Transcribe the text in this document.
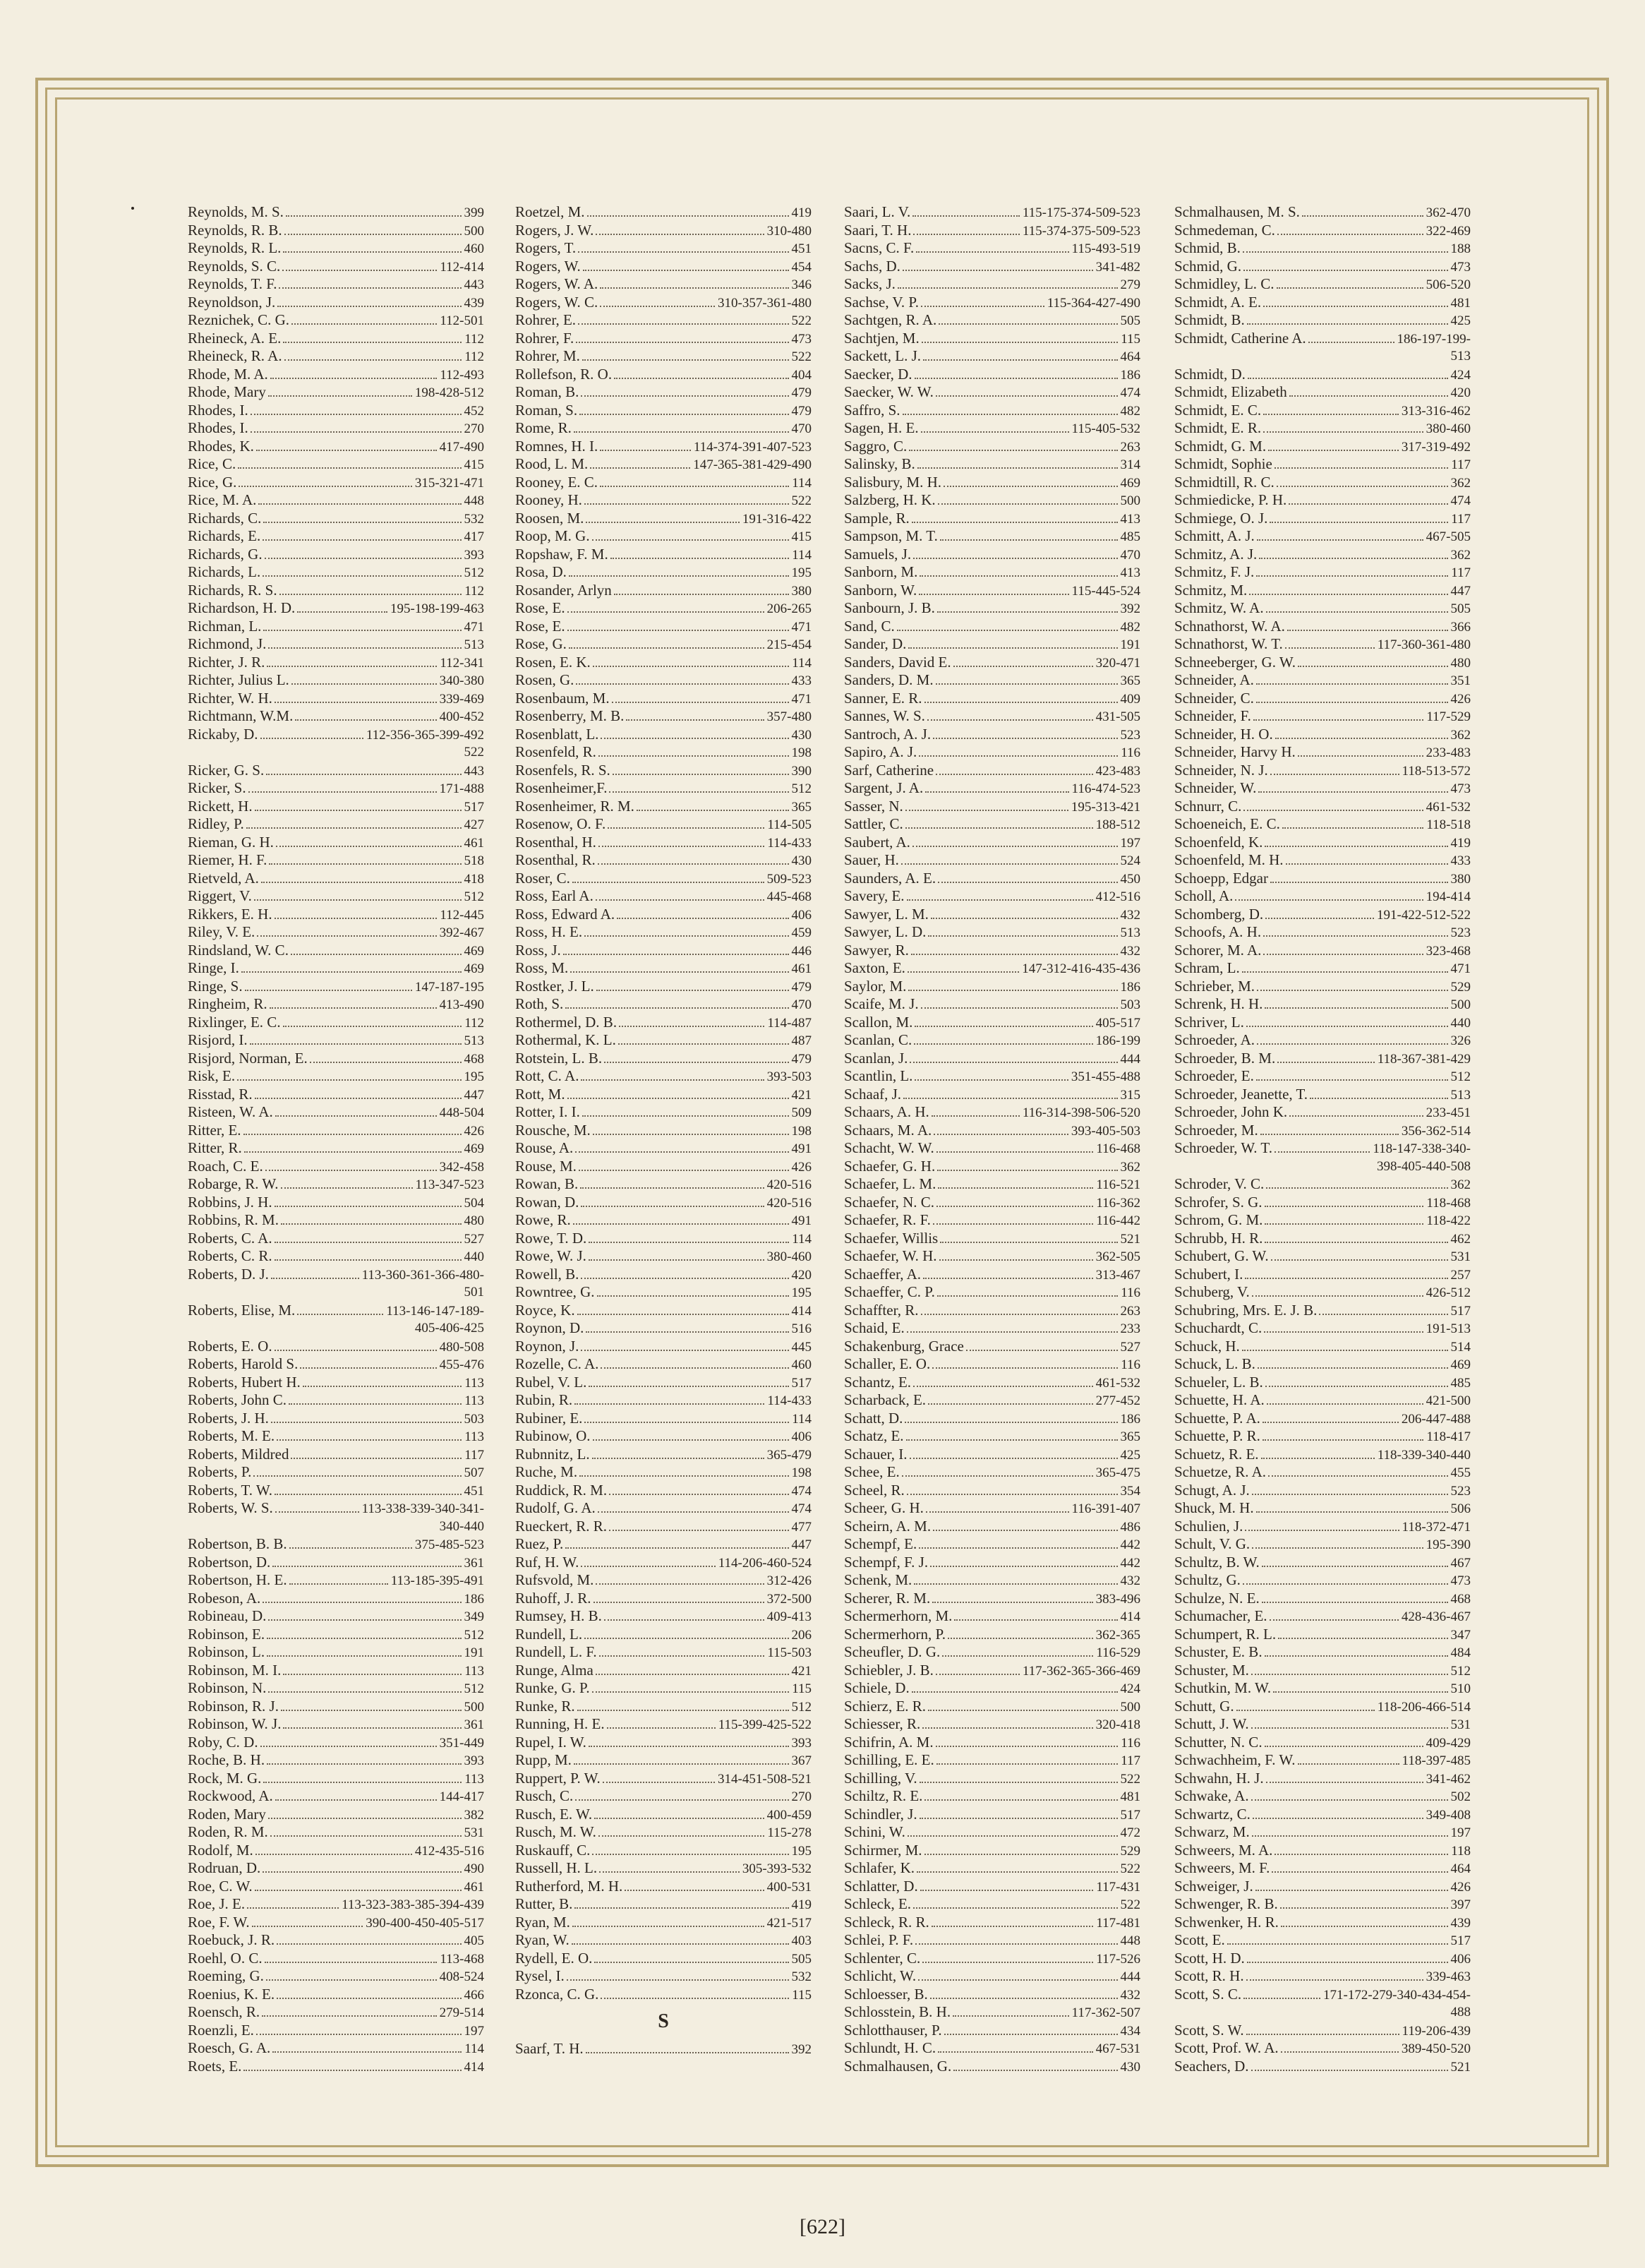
Reynolds, M. S.	399
Reynolds, R. B.	500
Reynolds, R. L.	460
Reynolds, S. C.	112-414
Reynolds, T. F.	443
Reynoldson, J.	439
Reznichek, C. G.	112-501
Rheineck, A. E.	112
Rheineck, R. A.	112
Rhode, M. A.	112-493
Rhode, Mary	198-428-512
Rhodes, I.	452
Rhodes, I.	270
Rhodes, K.	417-490
Rice, C.	415
Rice, G.	315-321-471
Rice, M. A.	448
Richards, C.	532
Richards, E.	417
Richards, G.	393
Richards, L.	512
Richards, R. S.	112
Richardson, H. D.	195-198-199-463
Richman, L.	471
Richmond, J.	513
Richter, J. R.	112-341
Richter, Julius L.	340-380
Richter, W. H.	339-469
Richtmann, W.M.	400-452
Rickaby, D.	112-356-365-399-492
522
Ricker, G. S.	443
Ricker, S.	171-488
Rickett, H.	517
Ridley, P.	427
Rieman, G. H.	461
Riemer, H. F.	518
Rietveld, A.	418
Riggert, V.	512
Rikkers, E. H.	112-445
Riley, V. E.	392-467
Rindsland, W. C.	469
Ringe, I.	469
Ringe, S.	147-187-195
Ringheim, R.	413-490
Rixlinger, E. C.	112
Risjord, I.	513
Risjord, Norman, E.	468
Risk, E.	195
Risstad, R.	447
Risteen, W. A.	448-504
Ritter, E.	426
Ritter, R.	469
Roach, C. E.	342-458
Robarge, R. W.	113-347-523
Robbins, J. H.	504
Robbins, R. M.	480
Roberts, C. A.	527
Roberts, C. R.	440
Roberts, D. J.	113-360-361-366-480-
501
Roberts, Elise, M.	113-146-147-189-
405-406-425
Roberts, E. O.	480-508
Roberts, Harold S.	455-476
Roberts, Hubert H.	113
Roberts, John C.	113
Roberts, J. H.	503
Roberts, M. E.	113
Roberts, Mildred	117
Roberts, P.	507
Roberts, T. W.	451
Roberts, W. S.	113-338-339-340-341-
340-440
Robertson, B. B.	375-485-523
Robertson, D.	361
Robertson, H. E.	113-185-395-491
Robeson, A.	186
Robineau, D.	349
Robinson, E.	512
Robinson, L.	191
Robinson, M. I.	113
Robinson, N.	512
Robinson, R. J.	500
Robinson, W. J.	361
Roby, C. D.	351-449
Roche, B. H.	393
Rock, M. G.	113
Rockwood, A.	144-417
Roden, Mary	382
Roden, R. M.	531
Rodolf, M.	412-435-516
Rodruan, D.	490
Roe, C. W.	461
Roe, J. E.	113-323-383-385-394-439
Roe, F. W.	390-400-450-405-517
Roebuck, J. R.	405
Roehl, O. C.	113-468
Roeming, G.	408-524
Roenius, K. E.	466
Roensch, R.	279-514
Roenzli, E.	197
Roesch, G. A.	114
Roets, E.	414
Roetzel, M.	419
Rogers, J. W.	310-480
Rogers, T.	451
Rogers, W.	454
Rogers, W. A.	346
Rogers, W. C.	310-357-361-480
Rohrer, E.	522
Rohrer, F.	473
Rohrer, M.	522
Rollefson, R. O.	404
Roman, B.	479
Roman, S.	479
Rome, R.	470
Romnes, H. I.	114-374-391-407-523
Rood, L. M.	147-365-381-429-490
Rooney, E. C.	114
Rooney, H.	522
Roosen, M.	191-316-422
Roop, M. G.	415
Ropshaw, F. M.	114
Rosa, D.	195
Rosander, Arlyn	380
Rose, E.	206-265
Rose, E.	471
Rose, G.	215-454
Rosen, E. K.	114
Rosen, G.	433
Rosenbaum, M.	471
Rosenberry, M. B.	357-480
Rosenblatt, L.	430
Rosenfeld, R.	198
Rosenfels, R. S.	390
Rosenheimer,F.	512
Rosenheimer, R. M.	365
Rosenow, O. F.	114-505
Rosenthal, H.	114-433
Rosenthal, R.	430
Roser, C.	509-523
Ross, Earl A.	445-468
Ross, Edward A.	406
Ross, H. E.	459
Ross, J.	446
Ross, M.	461
Rostker, J. L.	479
Roth, S.	470
Rothermel, D. B.	114-487
Rothermal, K. L.	487
Rotstein, L. B.	479
Rott, C. A.	393-503
Rott, M.	421
Rotter, I. I.	509
Rousche, M.	198
Rouse, A.	491
Rouse, M.	426
Rowan, B.	420-516
Rowan, D.	420-516
Rowe, R.	491
Rowe, T. D.	114
Rowe, W. J.	380-460
Rowell, B.	420
Rowntree, G.	195
Royce, K.	414
Roynon, D.	516
Roynon, J.	445
Rozelle, C. A.	460
Rubel, V. L.	517
Rubin, R.	114-433
Rubiner, E.	114
Rubinow, O.	406
Rubnnitz, L.	365-479
Ruche, M.	198
Ruddick, R. M.	474
Rudolf, G. A.	474
Rueckert, R. R.	477
Ruez, P.	447
Ruf, H. W.	114-206-460-524
Rufsvold, M.	312-426
Ruhoff, J. R.	372-500
Rumsey, H. B.	409-413
Rundell, L.	206
Rundell, L. F.	115-503
Runge, Alma	421
Runke, G. P.	115
Runke, R.	512
Running, H. E.	115-399-425-522
Rupel, I. W.	393
Rupp, M.	367
Ruppert, P. W.	314-451-508-521
Rusch, C.	270
Rusch, E. W.	400-459
Rusch, M. W.	115-278
Ruskauff, C.	195
Russell, H. L.	305-393-532
Rutherford, M. H.	400-531
Rutter, B.	419
Ryan, M.	421-517
Ryan, W.	403
Rydell, E. O.	505
Rysel, I.	532
Rzonca, C. G.	115
S
Saarf, T. H.	392
Saari, L. V.	115-175-374-509-523
Saari, T. H.	115-374-375-509-523
Sacns, C. F.	115-493-519
Sachs, D.	341-482
Sacks, J.	279
Sachse, V. P.	115-364-427-490
Sachtgen, R. A.	505
Sachtjen, M.	115
Sackett, L. J.	464
Saecker, D.	186
Saecker, W. W.	474
Saffro, S.	482
Sagen, H. E.	115-405-532
Saggro, C.	263
Salinsky, B.	314
Salisbury, M. H.	469
Salzberg, H. K.	500
Sample, R.	413
Sampson, M. T.	485
Samuels, J.	470
Sanborn, M.	413
Sanborn, W.	115-445-524
Sanbourn, J. B.	392
Sand, C.	482
Sander, D.	191
Sanders, David E.	320-471
Sanders, D. M.	365
Sanner, E. R.	409
Sannes, W. S.	431-505
Santroch, A. J.	523
Sapiro, A. J.	116
Sarf, Catherine	423-483
Sargent, J. A.	116-474-523
Sasser, N.	195-313-421
Sattler, C.	188-512
Saubert, A.	197
Sauer, H.	524
Saunders, A. E.	450
Savery, E.	412-516
Sawyer, L. M.	432
Sawyer, L. D.	513
Sawyer, R.	432
Saxton, E.	147-312-416-435-436
Saylor, M.	186
Scaife, M. J.	503
Scallon, M.	405-517
Scanlan, C.	186-199
Scanlan, J.	444
Scantlin, L.	351-455-488
Schaaf, J.	315
Schaars, A. H.	116-314-398-506-520
Schaars, M. A.	393-405-503
Schacht, W. W.	116-468
Schaefer, G. H.	362
Schaefer, L. M.	116-521
Schaefer, N. C.	116-362
Schaefer, R. F.	116-442
Schaefer, Willis	521
Schaefer, W. H.	362-505
Schaeffer, A.	313-467
Schaeffer, C. P.	116
Schaffter, R.	263
Schaid, E.	233
Schakenburg, Grace	527
Schaller, E. O.	116
Schantz, E.	461-532
Scharback, E.	277-452
Schatt, D.	186
Schatz, E.	365
Schauer, I.	425
Schee, E.	365-475
Scheel, R.	354
Scheer, G. H.	116-391-407
Scheirn, A. M.	486
Schempf, E.	442
Schempf, F. J.	442
Schenk, M.	432
Scherer, R. M.	383-496
Schermerhorn, M.	414
Schermerhorn, P.	362-365
Scheufler, D. G.	116-529
Schiebler, J. B.	117-362-365-366-469
Schiele, D.	424
Schierz, E. R.	500
Schiesser, R.	320-418
Schifrin, A. M.	116
Schilling, E. E.	117
Schilling, V.	522
Schiltz, R. E.	481
Schindler, J.	517
Schini, W.	472
Schirmer, M.	529
Schlafer, K.	522
Schlatter, D.	117-431
Schleck, E.	522
Schleck, R. R.	117-481
Schlei, P. F.	448
Schlenter, C.	117-526
Schlicht, W.	444
Schloesser, B.	432
Schlosstein, B. H.	117-362-507
Schlotthauser, P.	434
Schlundt, H. C.	467-531
Schmalhausen, G.	430
Schmalhausen, M. S.	362-470
Schmedeman, C.	322-469
Schmid, B.	188
Schmid, G.	473
Schmidley, L. C.	506-520
Schmidt, A. E.	481
Schmidt, B.	425
Schmidt, Catherine A.	186-197-199-
513
Schmidt, D.	424
Schmidt, Elizabeth	420
Schmidt, E. C.	313-316-462
Schmidt, E. R.	380-460
Schmidt, G. M.	317-319-492
Schmidt, Sophie	117
Schmidtill, R. C.	362
Schmiedicke, P. H.	474
Schmiege, O. J.	117
Schmitt, A. J.	467-505
Schmitz, A. J.	362
Schmitz, F. J.	117
Schmitz, M.	447
Schmitz, W. A.	505
Schnathorst, W. A.	366
Schnathorst, W. T.	117-360-361-480
Schneeberger, G. W.	480
Schneider, A.	351
Schneider, C.	426
Schneider, F.	117-529
Schneider, H. O.	362
Schneider, Harvy H.	233-483
Schneider, N. J.	118-513-572
Schneider, W.	473
Schnurr, C.	461-532
Schoeneich, E. C.	118-518
Schoenfeld, K.	419
Schoenfeld, M. H.	433
Schoepp, Edgar	380
Scholl, A.	194-414
Schomberg, D.	191-422-512-522
Schoofs, A. H.	523
Schorer, M. A.	323-468
Schram, L.	471
Schrieber, M.	529
Schrenk, H. H.	500
Schriver, L.	440
Schroeder, A.	326
Schroeder, B. M.	118-367-381-429
Schroeder, E.	512
Schroeder, Jeanette, T.	513
Schroeder, John K.	233-451
Schroeder, M.	356-362-514
Schroeder, W. T.	118-147-338-340-
398-405-440-508
Schroder, V. C.	362
Schrofer, S. G.	118-468
Schrom, G. M.	118-422
Schrubb, H. R.	462
Schubert, G. W.	531
Schubert, I.	257
Schuberg, V.	426-512
Schubring, Mrs. E. J. B.	517
Schuchardt, C.	191-513
Schuck, H.	514
Schuck, L. B.	469
Schueler, L. B.	485
Schuette, H. A.	421-500
Schuette, P. A.	206-447-488
Schuette, P. R.	118-417
Schuetz, R. E.	118-339-340-440
Schuetze, R. A.	455
Schugt, A. J.	523
Shuck, M. H.	506
Schulien, J.	118-372-471
Schult, V. G.	195-390
Schultz, B. W.	467
Schultz, G.	473
Schulze, N. E.	468
Schumacher, E.	428-436-467
Schumpert, R. L.	347
Schuster, E. B.	484
Schuster, M.	512
Schutkin, M. W.	510
Schutt, G.	118-206-466-514
Schutt, J. W.	531
Schutter, N. C.	409-429
Schwachheim, F. W.	118-397-485
Schwahn, H. J.	341-462
Schwake, A.	502
Schwartz, C.	349-408
Schwarz, M.	197
Schweers, M. A.	118
Schweers, M. F.	464
Schweiger, J.	426
Schwenger, R. B.	397
Schwenker, H. R.	439
Scott, E.	517
Scott, H. D.	406
Scott, R. H.	339-463
Scott, S. C.	171-172-279-340-434-454-
488
Scott, S. W.	119-206-439
Scott, Prof. W. A.	389-450-520
Seachers, D.	521
[622]
